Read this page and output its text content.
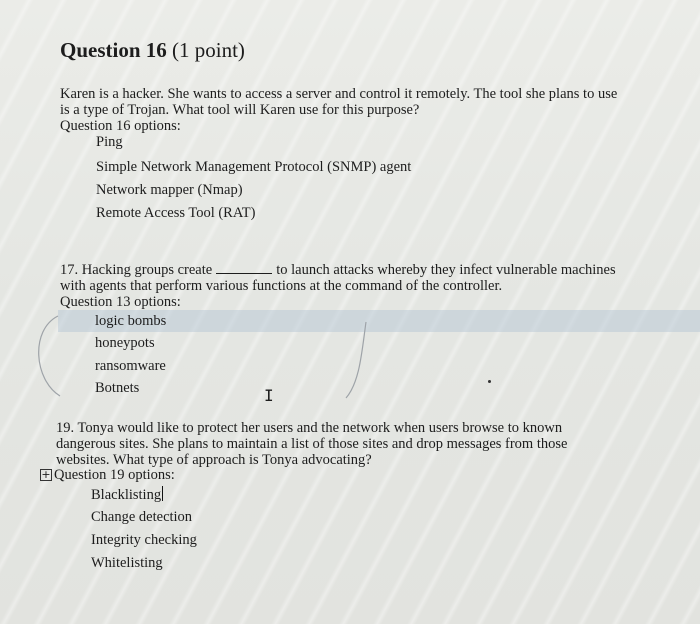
Question 16 (1 point)
Karen is a hacker. She wants to access a server and control it remotely. The tool she plans to use
is a type of Trojan. What tool will Karen use for this purpose?
Question 16 options:
Ping
Simple Network Management Protocol (SNMP) agent
Network mapper (Nmap)
Remote Access Tool (RAT)
17. Hacking groups create	to launch attacks whereby they infect vulnerable machines
with agents that perform various functions at the command of the controller.
Question 13 options:
logic bombs
honeypots
ransomware
Botnets	I
19. Tonya would like to protect her users and the network when users browse to known
dangerous sites. She plans to maintain a list of those sites and drop messages from those
websites. What type of approach is Tonya advocating?
+ Question 19 options:
Blacklisting
Change detection
Integrity checking
Whitelisting
